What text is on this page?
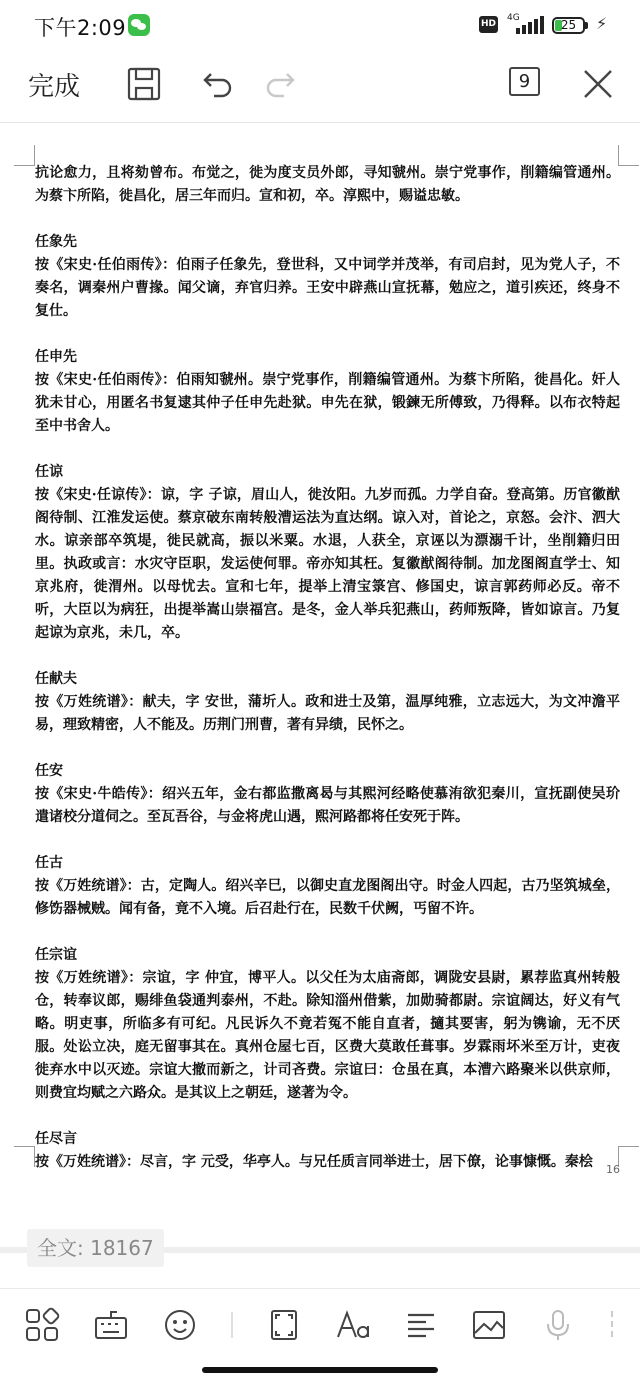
下午2:09	HD
4G	25	⚡
完成	9

抗论愈力，且将劾曾布。布觉之，徙为度支员外郎，寻知虢州。崇宁党事作，削籍编管通州。为蔡卞所陷，徙昌化，居三年而归。宣和初，卒。淳熙中，赐谥忠敏。

任象先

按《宋史·任伯雨传》：伯雨子任象先，登世科，又中词学并茂举，有司启封，见为党人子，不奏名，调秦州户曹掾。闻父谪，弃官归养。王安中辟燕山宣抚幕，勉应之，道引疾还，终身不复仕。

任申先

按《宋史·任伯雨传》：伯雨知虢州。崇宁党事作，削籍编管通州。为蔡卞所陷，徙昌化。奸人犹未甘心，用匿名书复逮其仲子任申先赴狱。申先在狱，锻鍊无所傅致，乃得释。以布衣特起至中书舍人。

任谅

按《宋史·任谅传》：谅，字 子谅，眉山人，徙汝阳。九岁而孤。力学自奋。登高第。历官徽猷阁待制、江淮发运使。蔡京破东南转般漕运法为直达纲。谅入对，首论之，京怒。会汴、泗大水。谅亲部卒筑堤，徙民就高，振以米粟。水退，人获全，京诬以为漂溺千计，坐削籍归田里。执政或言：水灾守臣职，发运使何罪。帝亦知其枉。复徽猷阁待制。加龙图阁直学士、知京兆府，徙渭州。以母忧去。宣和七年，提举上清宝箓宫、修国史，谅言郭药师必反。帝不听，大臣以为病狂，出提举嵩山崇福宫。是冬，金人举兵犯燕山，药师叛降，皆如谅言。乃复起谅为京兆，未几，卒。

任献夫

按《万姓统谱》：献夫，字 安世，蒲圻人。政和进士及第，温厚纯雅，立志远大，为文冲澹平易，理致精密，人不能及。历荆门刑曹，著有异绩，民怀之。

任安

按《宋史·牛皓传》：绍兴五年，金右都监撒离曷与其熙河经略使慕洧欲犯秦川，宣抚副使吴玠遣诸校分道伺之。至瓦吾谷，与金将虎山遇，熙河路都将任安死于阵。

任古

按《万姓统谱》：古，定陶人。绍兴辛巳，以御史直龙图阁出守。时金人四起，古乃坚筑城垒，修饬器械贼。闻有备，竟不入境。后召赴行在，民数千伏阙，丐留不许。

任宗谊

按《万姓统谱》：宗谊，字 仲宜，博平人。以父任为太庙斋郎，调陇安县尉，累荐监真州转般仓，转奉议郎，赐绯鱼袋通判泰州，不赴。除知淄州借紫，加勋骑都尉。宗谊阔达，好义有气略。明吏事，所临多有可纪。凡民诉久不竟若冤不能自直者，擿其要害，躬为镌谕，无不厌服。处讼立决，庭无留事其在。真州仓屋七百，区费大莫敢任葺事。岁霖雨坏米至万计，吏夜徙弃水中以灭迹。宗谊大撤而新之，计司吝费。宗谊曰：仓虽在真，本漕六路聚米以供京师，则费宜均赋之六路众。是其议上之朝廷，遂著为令。

任尽言

按《万姓统谱》：尽言，字 元受，华亭人。与兄任质言同举进士，居下僚，论事慷慨。秦桧	16
全文: 18167
